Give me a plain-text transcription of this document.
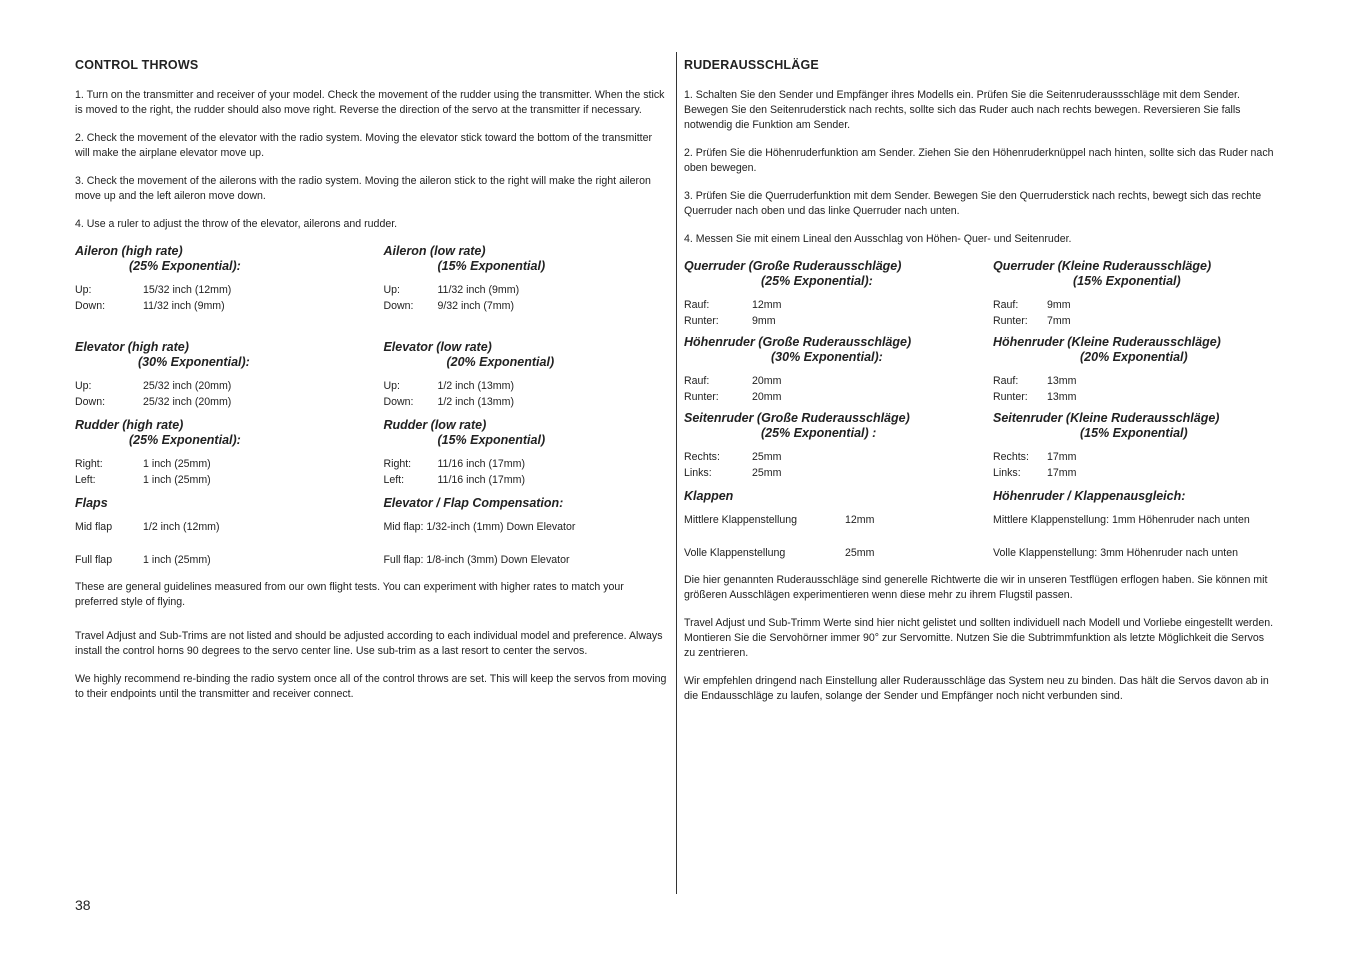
CONTROL THROWS

1. Turn on the transmitter and receiver of your model. Check the movement of the rudder using the transmitter. When the stick is moved to the right, the rudder should also move right. Reverse the direction of the servo at the transmitter if necessary.

2. Check the movement of the elevator with the radio system. Moving the elevator stick toward the bottom of the transmitter will make the airplane elevator move up.

3. Check the movement of the ailerons with the radio system. Moving the aileron stick to the right will make the right aileron move up and the left aileron move down.

4. Use a ruler to adjust the throw of the elevator, ailerons and rudder.

Aileron (high rate)
(25% Exponential):
Up:	15/32 inch (12mm)
Down:	11/32 inch (9mm)
Aileron (low rate)
(15% Exponential)
Up:	11/32 inch (9mm)
Down:	9/32 inch (7mm)
Elevator (high rate)
(30% Exponential):
Up:	25/32 inch (20mm)
Down:	25/32 inch (20mm)
Elevator (low rate)
(20% Exponential)
Up:	1/2 inch (13mm)
Down:	1/2 inch (13mm)
Rudder (high rate)
(25% Exponential):
Right:	1 inch (25mm)
Left:	1 inch (25mm)
Rudder (low rate)
(15% Exponential)
Right:	11/16 inch (17mm)
Left:	11/16 inch (17mm)
Flaps
Mid flap	1/2 inch (12mm)
Full flap	1 inch (25mm)
Elevator / Flap Compensation:
Mid flap: 1/32-inch (1mm) Down Elevator
Full flap: 1/8-inch (3mm) Down Elevator

These are general guidelines measured from our own flight tests. You can experiment with higher rates to match your preferred style of flying.

Travel Adjust and Sub-Trims are not listed and should be adjusted according to each individual model and preference. Always install the control horns 90 degrees to the servo center line. Use sub-trim as a last resort to center the servos.

We highly recommend re-binding the radio system once all of the control throws are set. This will keep the servos from moving to their endpoints until the transmitter and receiver connect.

RUDERAUSSCHLÄGE

1. Schalten Sie den Sender und Empfänger ihres Modells ein. Prüfen Sie die Seitenruderaussschläge mit dem Sender. Bewegen Sie den Seitenruderstick nach rechts, sollte sich das Ruder auch nach rechts bewegen. Reversieren Sie falls notwendig die Funktion am Sender.

2. Prüfen Sie die Höhenruderfunktion am Sender. Ziehen Sie den Höhenruderknüppel nach hinten, sollte sich das Ruder nach oben bewegen.

3. Prüfen Sie die Querruderfunktion mit dem Sender. Bewegen Sie den Querruderstick nach rechts, bewegt sich das rechte Querruder nach oben und das linke Querruder nach unten.

4. Messen Sie mit einem Lineal den Ausschlag von Höhen- Quer- und Seitenruder.

Querruder (Große Ruderausschläge)
(25% Exponential):
Rauf:	12mm
Runter:	9mm
Querruder (Kleine Ruderausschläge)
(15% Exponential)
Rauf:	9mm
Runter:	7mm
Höhenruder (Große Ruderausschläge)
(30% Exponential):
Rauf:	20mm
Runter:	20mm
Höhenruder (Kleine Ruderausschläge)
(20% Exponential)
Rauf:	13mm
Runter:	13mm
Seitenruder (Große Ruderausschläge)
(25% Exponential) :
Rechts:	25mm
Links:	25mm
Seitenruder (Kleine Ruderausschläge)
(15% Exponential)
Rechts:	17mm
Links:	17mm
Klappen
Mittlere Klappenstellung	12mm
Volle Klappenstellung	25mm
Höhenruder / Klappenausgleich:
Mittlere Klappenstellung: 1mm Höhenruder nach unten
Volle Klappenstellung: 3mm Höhenruder nach unten

Die hier genannten Ruderausschläge sind generelle Richtwerte die wir in unseren Testflügen erflogen haben. Sie können mit größeren Ausschlägen experimentieren wenn diese mehr zu ihrem Flugstil passen.

Travel Adjust und Sub-Trimm Werte sind hier nicht gelistet und sollten individuell nach Modell und Vorliebe eingestellt werden. Montieren Sie die Servohörner immer 90° zur Servomitte. Nutzen Sie die Subtrimmfunktion als letzte Möglichkeit die Servos zu zentrieren.

Wir empfehlen dringend nach Einstellung aller Ruderausschläge das System neu zu binden. Das hält die Servos davon ab in die Endausschläge zu laufen, solange der Sender und Empfänger noch nicht verbunden sind.

38
